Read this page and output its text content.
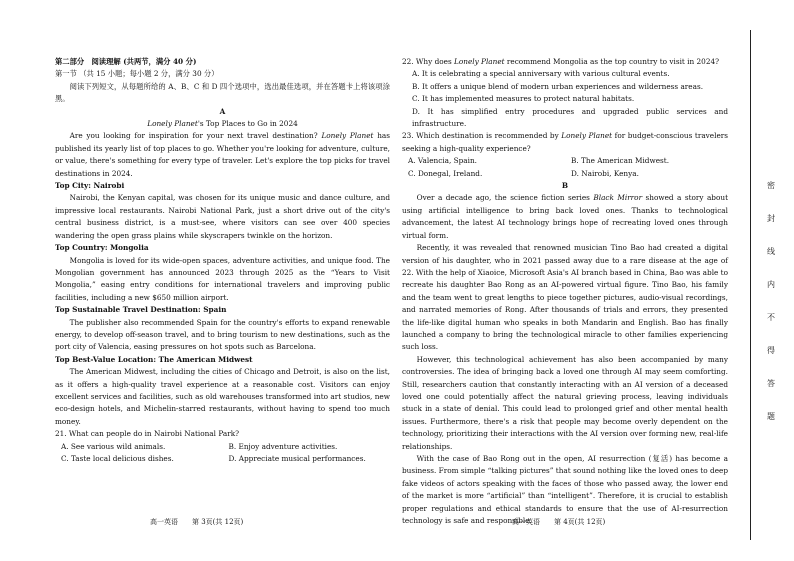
第二部分　阅读理解 (共两节，满分 40 分)

第一节 （共 15 小题；每小题 2 分，满分 30 分）

阅读下列短文，从每题所给的 A、B、C 和 D 四个选项中，选出最佳选项，并在答题卡上将该项涂黑。

A

Lonely Planet's Top Places to Go in 2024

Are you looking for inspiration for your next travel destination? Lonely Planet has published its yearly list of top places to go. Whether you're looking for adventure, culture, or value, there's something for every type of traveler. Let's explore the top picks for travel destinations in 2024.

Top City: Nairobi

Nairobi, the Kenyan capital, was chosen for its unique music and dance culture, and impressive local restaurants. Nairobi National Park, just a short drive out of the city's central business district, is a must-see, where visitors can see over 400 species wandering the open grass plains while skyscrapers twinkle on the horizon.

Top Country: Mongolia

Mongolia is loved for its wide-open spaces, adventure activities, and unique food. The Mongolian government has announced 2023 through 2025 as the “Years to Visit Mongolia,” easing entry conditions for international travelers and improving public facilities, including a new $650 million airport.

Top Sustainable Travel Destination: Spain

The publisher also recommended Spain for the country's efforts to expand renewable energy, to develop off-season travel, and to bring tourism to new destinations, such as the port city of Valencia, easing pressures on hot spots such as Barcelona.

Top Best-Value Location: The American Midwest

The American Midwest, including the cities of Chicago and Detroit, is also on the list, as it offers a high-quality travel experience at a reasonable cost. Visitors can enjoy excellent services and facilities, such as old warehouses transformed into art studios, new eco-design hotels, and Michelin-starred restaurants, without having to spend too much money.

21. What can people do in Nairobi National Park?

A. See various wild animals.	B. Enjoy adventure activities.
C. Taste local delicious dishes.	D. Appreciate musical performances.

22. Why does Lonely Planet recommend Mongolia as the top country to visit in 2024?

A. It is celebrating a special anniversary with various cultural events.

B. It offers a unique blend of modern urban experiences and wilderness areas.

C. It has implemented measures to protect natural habitats.

D. It has simplified entry procedures and upgraded public services and infrastructure.

23. Which destination is recommended by Lonely Planet for budget-conscious travelers seeking a high-quality experience?

A. Valencia, Spain.	B. The American Midwest.
C. Donegal, Ireland.	D. Nairobi, Kenya.

B

Over a decade ago, the science fiction series Black Mirror showed a story about using artificial intelligence to bring back loved ones. Thanks to technological advancement, the latest AI technology brings hope of recreating loved ones through virtual form.

Recently, it was revealed that renowned musician Tino Bao had created a digital version of his daughter, who in 2021 passed away due to a rare disease at the age of 22. With the help of Xiaoice, Microsoft Asia's AI branch based in China, Bao was able to recreate his daughter Bao Rong as an AI-powered virtual figure. Tino Bao, his family and the team went to great lengths to piece together pictures, audio-visual recordings, and narrated memories of Rong. After thousands of trials and errors, they presented the life-like digital human who speaks in both Mandarin and English. Bao has finally launched a company to bring the technological miracle to other families experiencing such loss.

However, this technological achievement has also been accompanied by many controversies. The idea of bringing back a loved one through AI may seem comforting. Still, researchers caution that constantly interacting with an AI version of a deceased loved one could potentially affect the natural grieving process, leaving individuals stuck in a state of denial. This could lead to prolonged grief and other mental health issues. Furthermore, there's a risk that people may become overly dependent on the technology, prioritizing their interactions with the AI version over forming new, real-life relationships.

With the case of Bao Rong out in the open, AI resurrection (复活) has become a business. From simple “talking pictures” that sound nothing like the loved ones to deep fake videos of actors speaking with the faces of those who passed away, the lower end of the market is more “artificial” than “intelligent”. Therefore, it is crucial to establish proper regulations and ethical standards to ensure that the use of AI-resurrection technology is safe and responsible.

高一英语　　第 3页(共 12页)	高一英语　　第 4页(共 12页)
密
封
线
内
不
得
答
题
